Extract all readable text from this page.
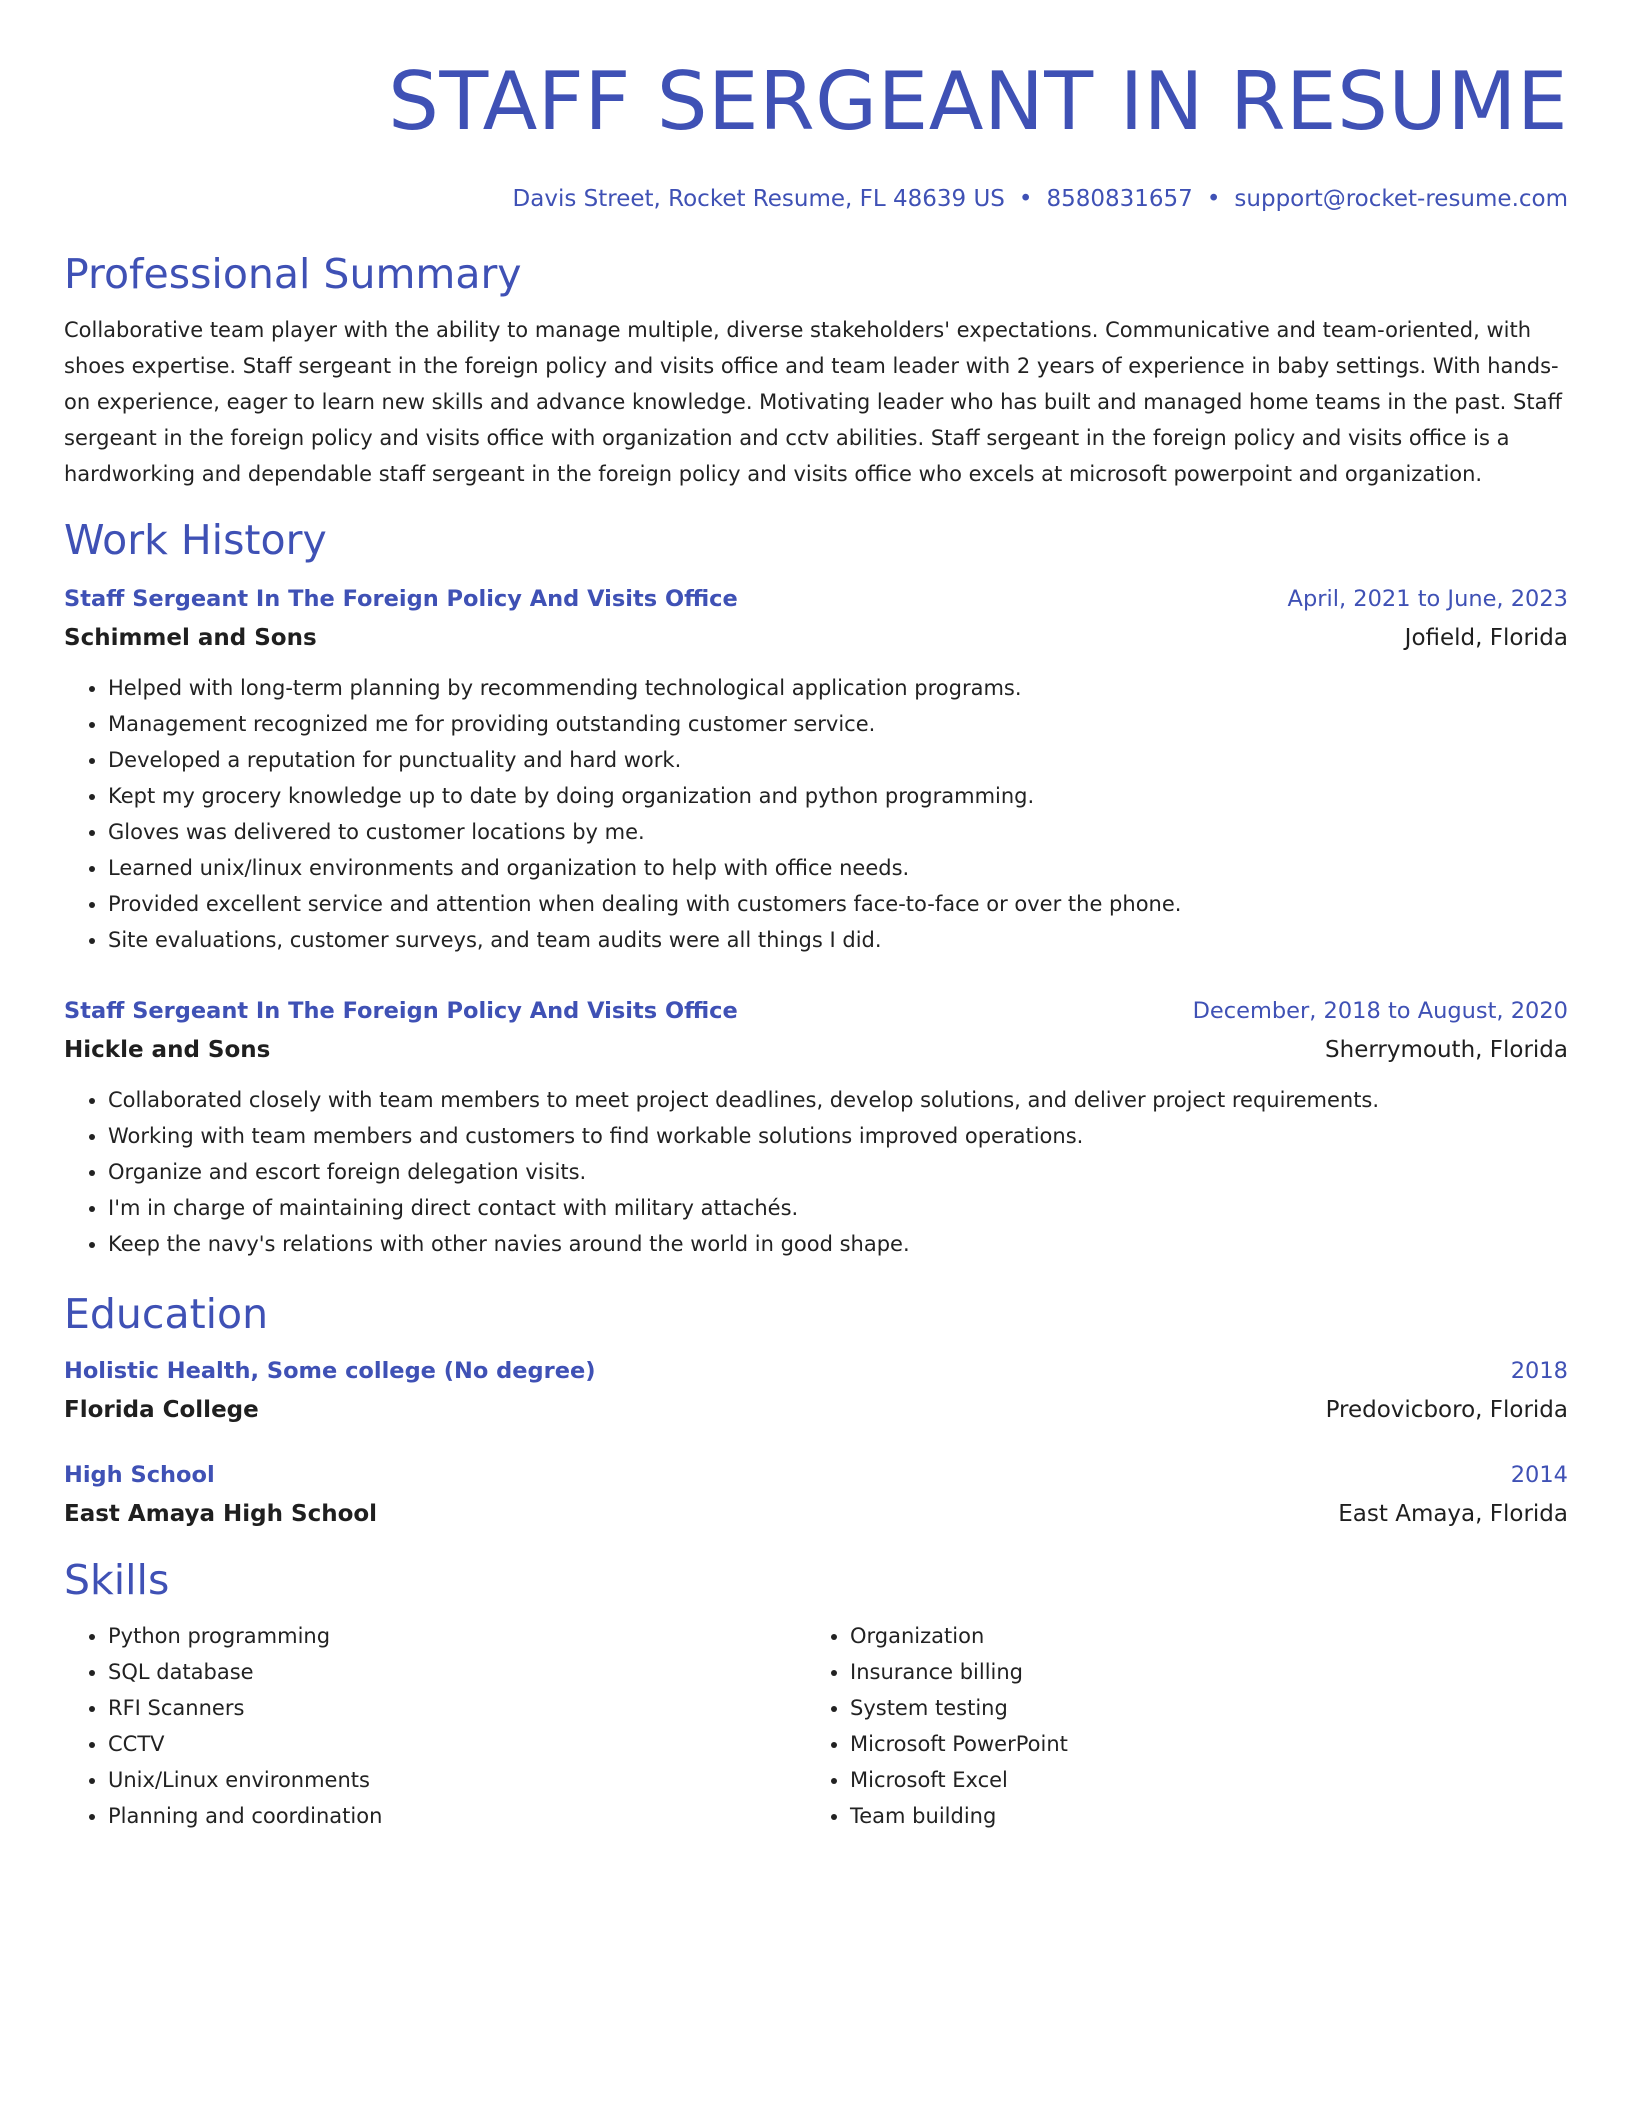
STAFF SERGEANT IN RESUME
Davis Street, Rocket Resume, FL 48639 US • 8580831657 • support@rocket-resume.com
Professional Summary
Collaborative team player with the ability to manage multiple, diverse stakeholders' expectations. Communicative and team-oriented, with shoes expertise. Staff sergeant in the foreign policy and visits office and team leader with 2 years of experience in baby settings. With hands-on experience, eager to learn new skills and advance knowledge. Motivating leader who has built and managed home teams in the past. Staff sergeant in the foreign policy and visits office with organization and cctv abilities. Staff sergeant in the foreign policy and visits office is a hardworking and dependable staff sergeant in the foreign policy and visits office who excels at microsoft powerpoint and organization.
Work History
Staff Sergeant In The Foreign Policy And Visits Office	April, 2021 to June, 2023
Schimmel and Sons	Jofield, Florida
• Helped with long-term planning by recommending technological application programs.
• Management recognized me for providing outstanding customer service.
• Developed a reputation for punctuality and hard work.
• Kept my grocery knowledge up to date by doing organization and python programming.
• Gloves was delivered to customer locations by me.
• Learned unix/linux environments and organization to help with office needs.
• Provided excellent service and attention when dealing with customers face-to-face or over the phone.
• Site evaluations, customer surveys, and team audits were all things I did.
Staff Sergeant In The Foreign Policy And Visits Office	December, 2018 to August, 2020
Hickle and Sons	Sherrymouth, Florida
• Collaborated closely with team members to meet project deadlines, develop solutions, and deliver project requirements.
• Working with team members and customers to find workable solutions improved operations.
• Organize and escort foreign delegation visits.
• I'm in charge of maintaining direct contact with military attachés.
• Keep the navy's relations with other navies around the world in good shape.
Education
Holistic Health, Some college (No degree)	2018
Florida College	Predovicboro, Florida
High School	2014
East Amaya High School	East Amaya, Florida
Skills
• Python programming
• SQL database
• RFI Scanners
• CCTV
• Unix/Linux environments
• Planning and coordination
• Organization
• Insurance billing
• System testing
• Microsoft PowerPoint
• Microsoft Excel
• Team building
